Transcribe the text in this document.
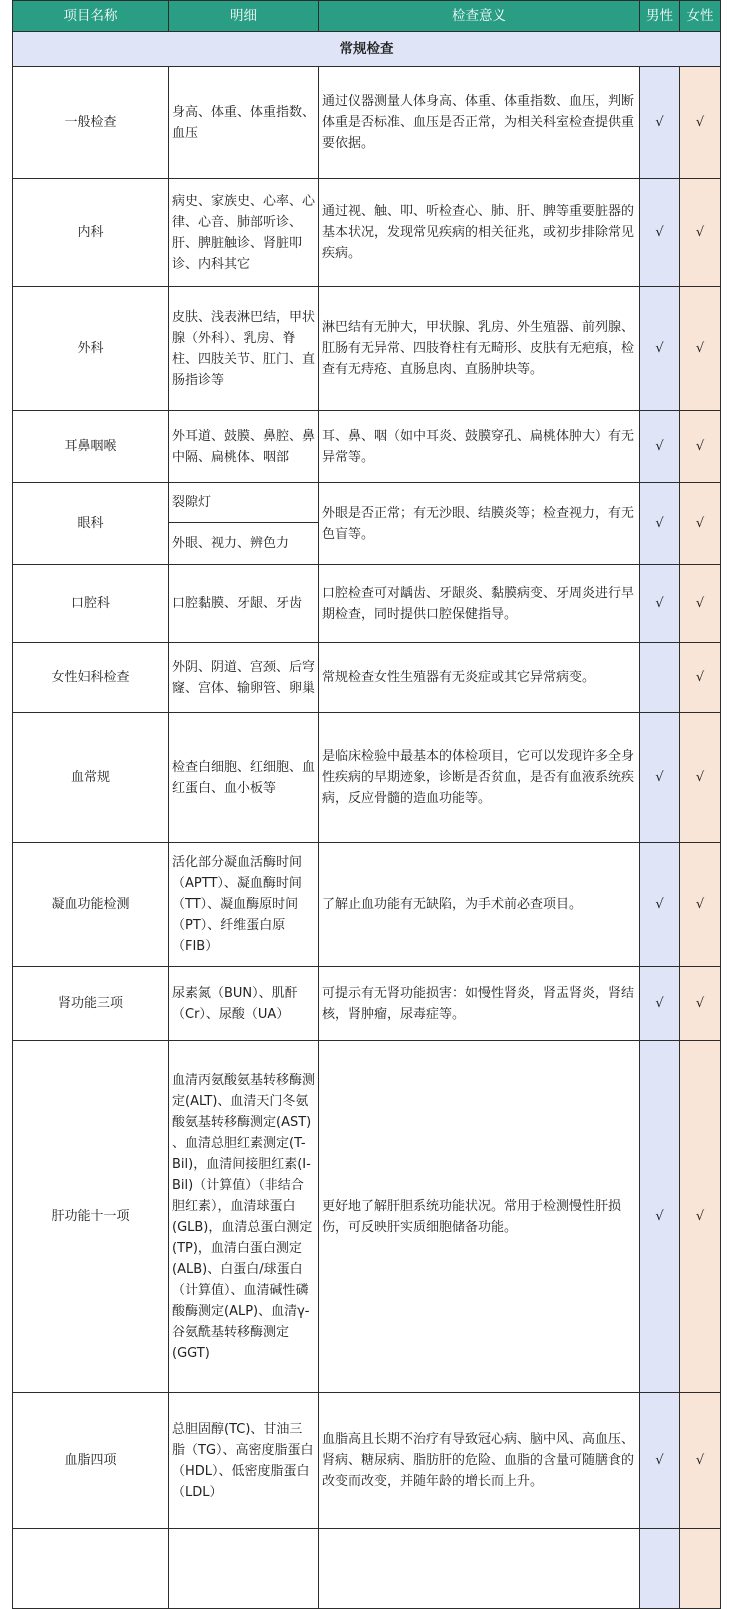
项目名称	明细	检查意义	男性	女性
常规检查				
一般检查	身高、体重、体重指数、血压	通过仪器测量人体身高、体重、体重指数、血压，判断体重是否标准、血压是否正常，为相关科室检查提供重要依据。	√	√
内科	病史、家族史、心率、心律、心音、肺部听诊、肝、脾脏触诊、肾脏叩诊、内科其它	通过视、触、叩、听检查心、肺、肝、脾等重要脏器的基本状况，发现常见疾病的相关征兆，或初步排除常见疾病。	√	√
外科	皮肤、浅表淋巴结，甲状腺（外科）、乳房、脊柱、四肢关节、肛门、直肠指诊等	淋巴结有无肿大，甲状腺、乳房、外生殖器、前列腺、肛肠有无异常、四肢脊柱有无畸形、皮肤有无疤痕，检查有无痔疮、直肠息肉、直肠肿块等。	√	√
耳鼻咽喉	外耳道、鼓膜、鼻腔、鼻中隔、扁桃体、咽部	耳、鼻、咽（如中耳炎、鼓膜穿孔、扁桃体肿大）有无异常等。	√	√
眼科	裂隙灯	外眼是否正常；有无沙眼、结膜炎等；检查视力，有无色盲等。	√	√
	外眼、视力、辨色力			
口腔科	口腔黏膜、牙龈、牙齿	口腔检查可对龋齿、牙龈炎、黏膜病变、牙周炎进行早期检查，同时提供口腔保健指导。	√	√
女性妇科检查	外阴、阴道、宫颈、后穹窿、宫体、输卵管、卵巢	常规检查女性生殖器有无炎症或其它异常病变。		√
血常规	检查白细胞、红细胞、血红蛋白、血小板等	是临床检验中最基本的体检项目，它可以发现许多全身性疾病的早期迹象，诊断是否贫血，是否有血液系统疾病，反应骨髓的造血功能等。	√	√
凝血功能检测	活化部分凝血活酶时间（APTT）、凝血酶时间（TT）、凝血酶原时间（PT）、纤维蛋白原（FIB）	了解止血功能有无缺陷，为手术前必查项目。	√	√
肾功能三项	尿素氮（BUN）、肌酐（Cr）、尿酸（UA）	可提示有无肾功能损害：如慢性肾炎，肾盂肾炎，肾结核，肾肿瘤，尿毒症等。	√	√
肝功能十一项	血清丙氨酸氨基转移酶测定(ALT)、血清天门冬氨酸氨基转移酶测定(AST) 、血清总胆红素测定(T-Bil)，血清间接胆红素(I-Bil)（计算值）（非结合胆红素），血清球蛋白(GLB)，血清总蛋白测定(TP)，血清白蛋白测定(ALB)、白蛋白/球蛋白（计算值）、血清碱性磷酸酶测定(ALP)、血清γ-谷氨酰基转移酶测定(GGT)	更好地了解肝胆系统功能状况。常用于检测慢性肝损伤，可反映肝实质细胞储备功能。	√	√
血脂四项	总胆固醇(TC)、甘油三脂（TG）、高密度脂蛋白（HDL）、低密度脂蛋白（LDL）	血脂高且长期不治疗有导致冠心病、脑中风、高血压、肾病、糖尿病、脂肪肝的危险、血脂的含量可随膳食的改变而改变，并随年龄的增长而上升。	√	√
